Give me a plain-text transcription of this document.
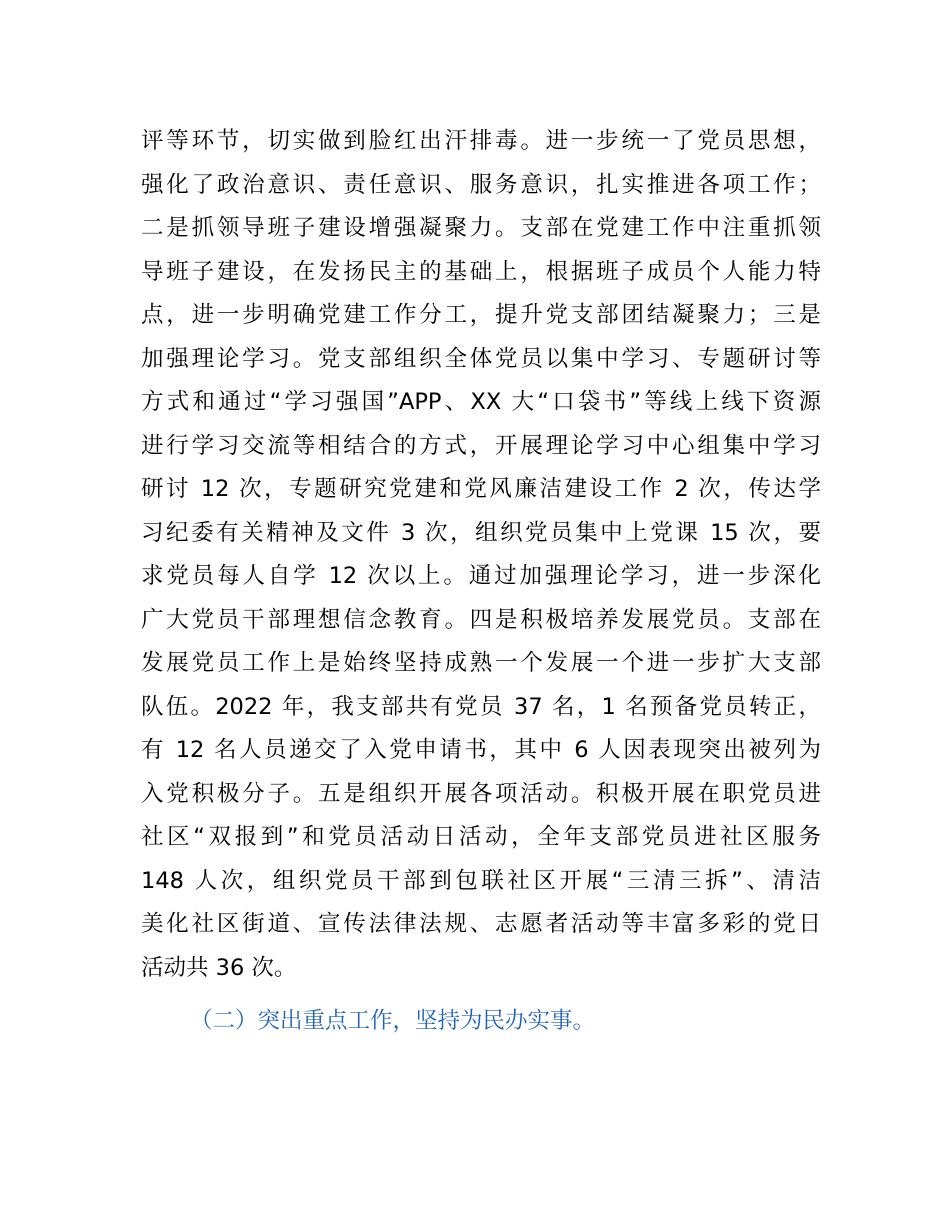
评等环节，切实做到脸红出汗排毒。进一步统一了党员思想，
强化了政治意识、责任意识、服务意识，扎实推进各项工作；
二是抓领导班子建设增强凝聚力。支部在党建工作中注重抓领
导班子建设，在发扬民主的基础上，根据班子成员个人能力特
点，进一步明确党建工作分工，提升党支部团结凝聚力；三是
加强理论学习。党支部组织全体党员以集中学习、专题研讨等
方式和通过“学习强国”APP、XX 大“口袋书”等线上线下资源
进行学习交流等相结合的方式，开展理论学习中心组集中学习
研讨 12 次，专题研究党建和党风廉洁建设工作 2 次，传达学
习纪委有关精神及文件 3 次，组织党员集中上党课 15 次，要
求党员每人自学 12 次以上。通过加强理论学习，进一步深化
广大党员干部理想信念教育。四是积极培养发展党员。支部在
发展党员工作上是始终坚持成熟一个发展一个进一步扩大支部
队伍。2022 年，我支部共有党员 37 名，1 名预备党员转正，
有 12 名人员递交了入党申请书，其中 6 人因表现突出被列为
入党积极分子。五是组织开展各项活动。积极开展在职党员进
社区“双报到”和党员活动日活动，全年支部党员进社区服务
148 人次，组织党员干部到包联社区开展“三清三拆”、清洁
美化社区街道、宣传法律法规、志愿者活动等丰富多彩的党日
活动共 36 次。
（二）突出重点工作，坚持为民办实事。
